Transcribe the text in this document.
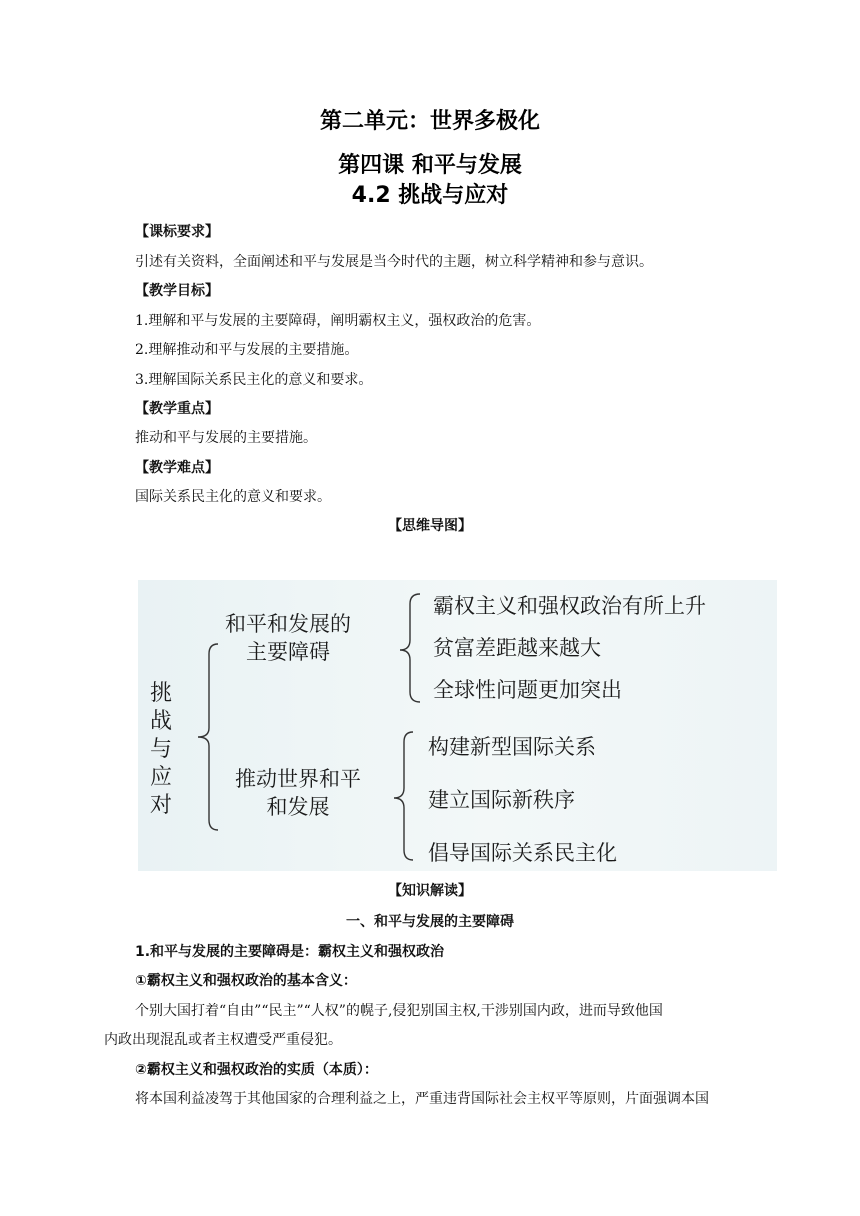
第二单元：世界多极化
第四课 和平与发展
4.2 挑战与应对
【课标要求】
引述有关资料，全面阐述和平与发展是当今时代的主题，树立科学精神和参与意识。
【教学目标】
1.理解和平与发展的主要障碍，阐明霸权主义，强权政治的危害。
2.理解推动和平与发展的主要措施。
3.理解国际关系民主化的意义和要求。
【教学重点】
推动和平与发展的主要措施。
【教学难点】
国际关系民主化的意义和要求。
【思维导图】
挑战与应对
和平和发展的
主要障碍
推动世界和平
和发展
霸权主义和强权政治有所上升
贫富差距越来越大
全球性问题更加突出
构建新型国际关系
建立国际新秩序
倡导国际关系民主化
【知识解读】
一、和平与发展的主要障碍
1.和平与发展的主要障碍是：霸权主义和强权政治
①霸权主义和强权政治的基本含义：
个别大国打着“自由”“民主”“人权”的幌子,侵犯别国主权,干涉别国内政，进而导致他国
内政出现混乱或者主权遭受严重侵犯。
②霸权主义和强权政治的实质（本质）：
将本国利益凌驾于其他国家的合理利益之上，严重违背国际社会主权平等原则，片面强调本国
